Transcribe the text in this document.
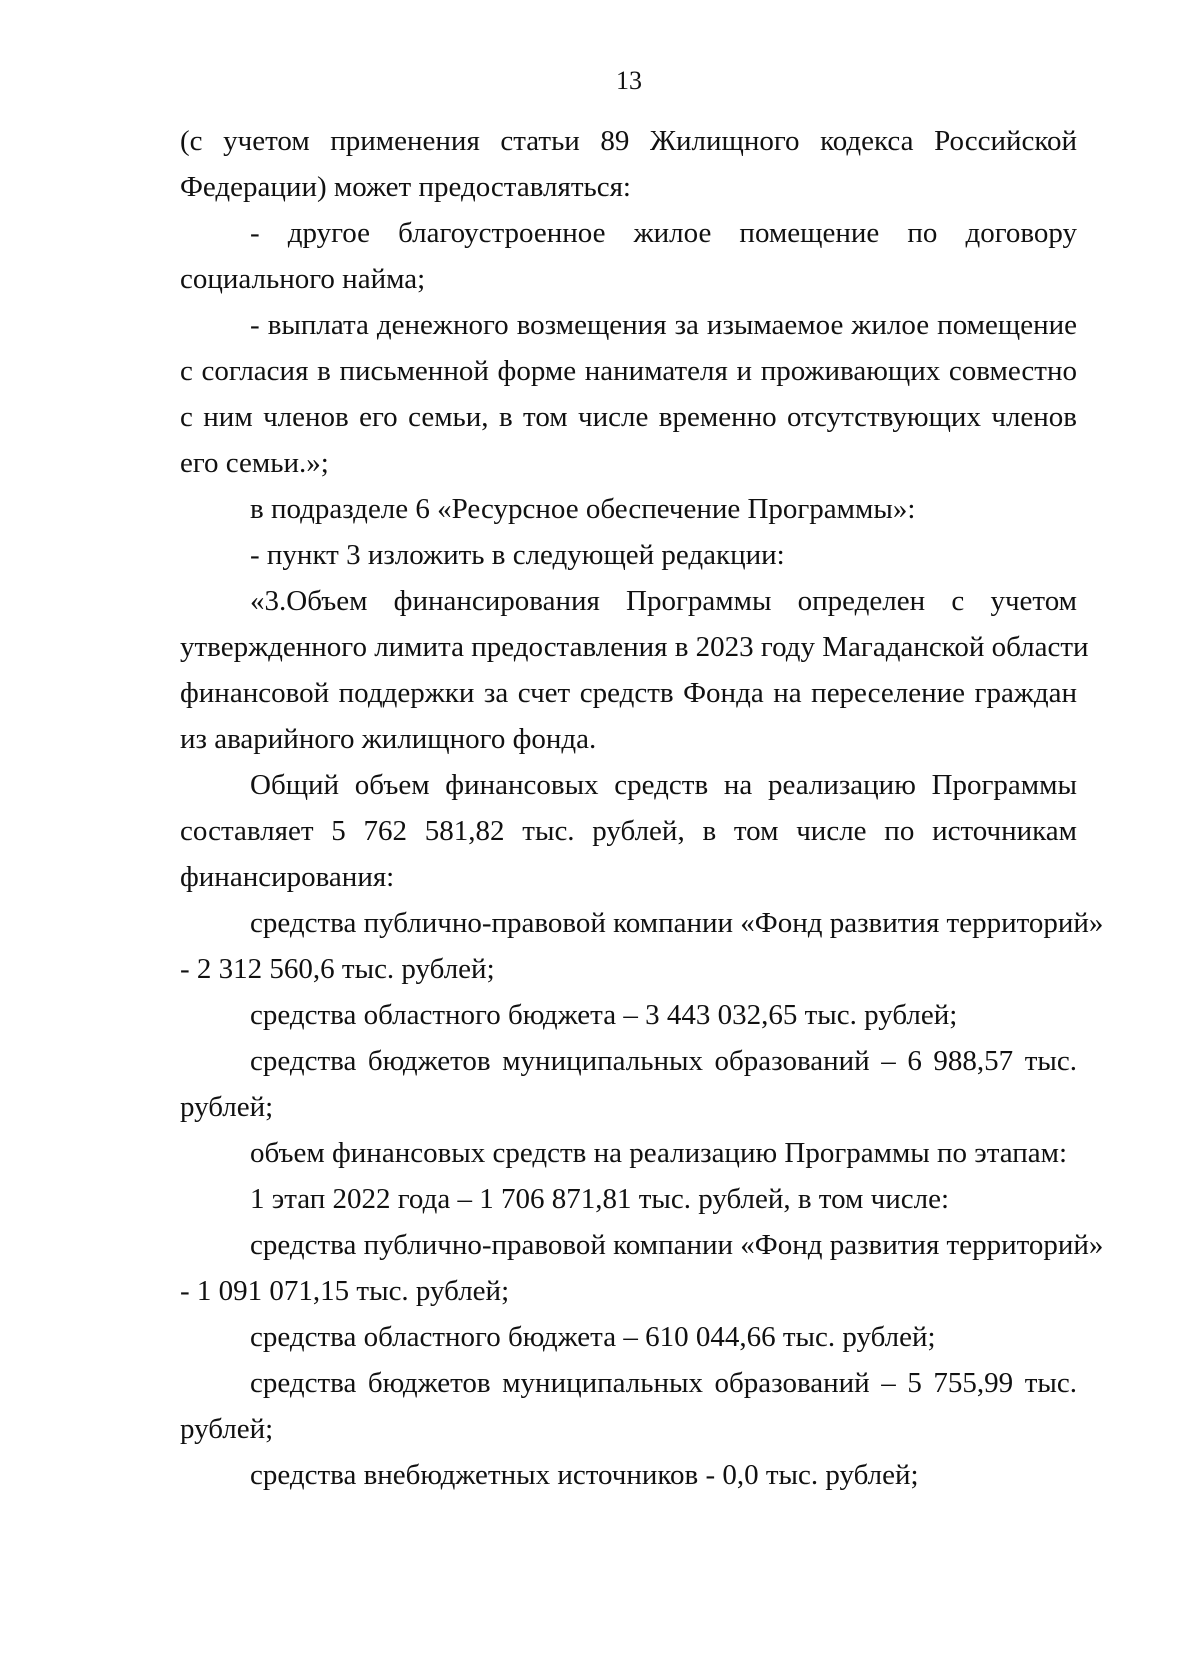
13
(с учетом применения статьи 89 Жилищного кодекса Российской
Федерации) может предоставляться:
- другое благоустроенное жилое помещение по договору
социального найма;
- выплата денежного возмещения за изымаемое жилое помещение
с согласия в письменной форме нанимателя и проживающих совместно
с ним членов его семьи, в том числе временно отсутствующих членов
его семьи.»;
в подразделе 6 «Ресурсное обеспечение Программы»:
- пункт 3 изложить в следующей редакции:
«3.Объем финансирования Программы определен с учетом
утвержденного лимита предоставления в 2023 году Магаданской области
финансовой поддержки за счет средств Фонда на переселение граждан
из аварийного жилищного фонда.
Общий объем финансовых средств на реализацию Программы
составляет 5 762 581,82 тыс. рублей, в том числе по источникам
финансирования:
средства публично-правовой компании «Фонд развития территорий»
- 2 312 560,6 тыс. рублей;
средства областного бюджета – 3 443 032,65 тыс. рублей;
средства бюджетов муниципальных образований – 6 988,57 тыс.
рублей;
объем финансовых средств на реализацию Программы по этапам:
1 этап 2022 года – 1 706 871,81 тыс. рублей, в том числе:
средства публично-правовой компании «Фонд развития территорий»
- 1 091 071,15 тыс. рублей;
средства областного бюджета – 610 044,66 тыс. рублей;
средства бюджетов муниципальных образований – 5 755,99 тыс.
рублей;
средства внебюджетных источников - 0,0 тыс. рублей;
